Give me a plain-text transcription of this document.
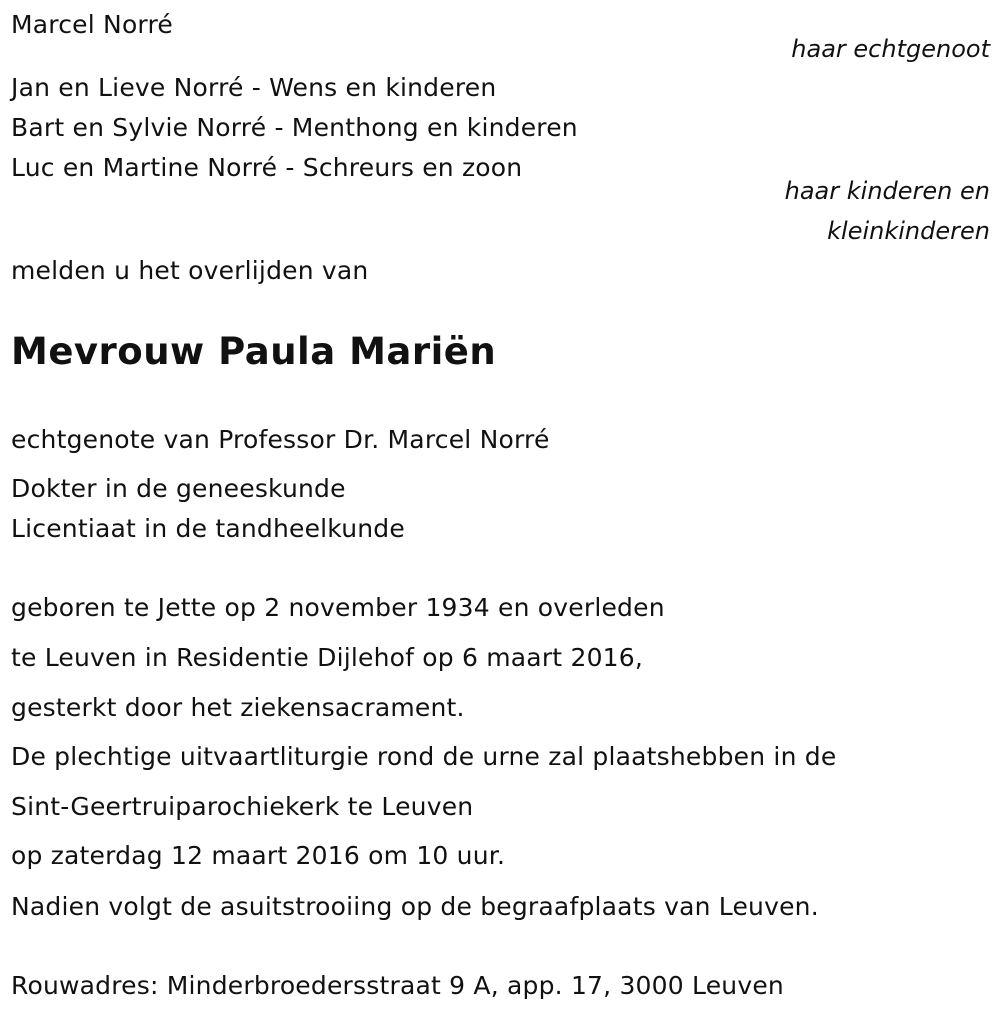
Marcel Norré
haar echtgenoot
Jan en Lieve Norré - Wens en kinderen
Bart en Sylvie Norré - Menthong en kinderen
Luc en Martine Norré - Schreurs en zoon
haar kinderen en
kleinkinderen
melden u het overlijden van
Mevrouw Paula Mariën
echtgenote van Professor Dr. Marcel Norré
Dokter in de geneeskunde
Licentiaat in de tandheelkunde
geboren te Jette op 2 november 1934 en overleden
te Leuven in Residentie Dijlehof op 6 maart 2016,
gesterkt door het ziekensacrament.
De plechtige uitvaartliturgie rond de urne zal plaatshebben in de
Sint-Geertruiparochiekerk te Leuven
op zaterdag 12 maart 2016 om 10 uur.
Nadien volgt de asuitstrooiing op de begraafplaats van Leuven.
Rouwadres: Minderbroedersstraat 9 A, app. 17, 3000 Leuven
